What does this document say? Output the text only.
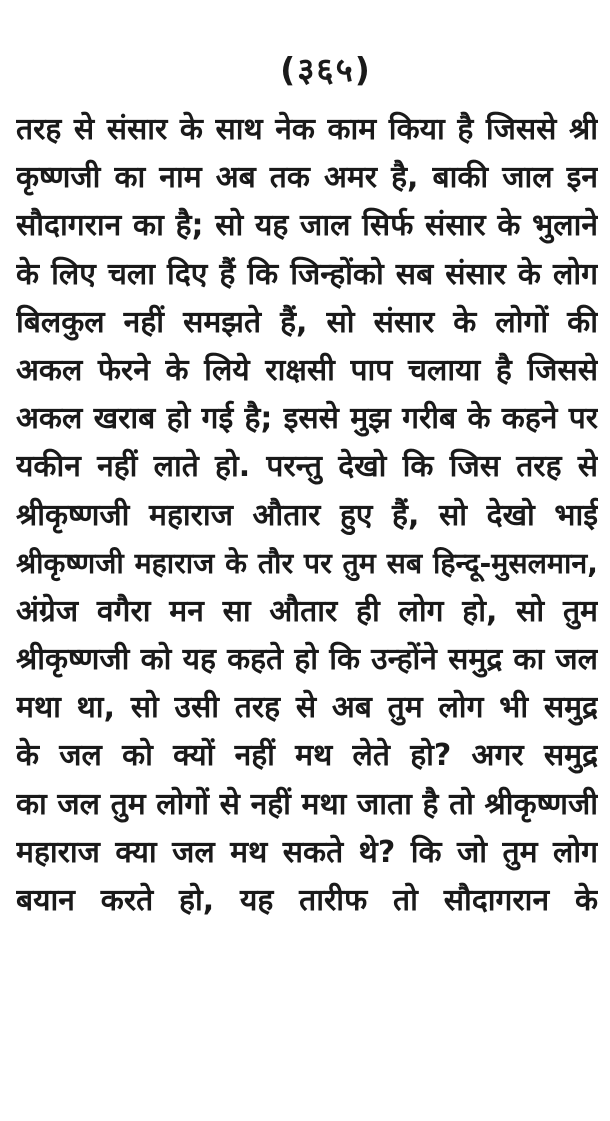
(३६५)
तरह से संसार के साथ नेक काम किया है जिससे श्री
कृष्णजी का नाम अब तक अमर है, बाकी जाल इन
सौदागरान का है; सो यह जाल सिर्फ संसार के भुलाने
के लिए चला दिए हैं कि जिन्होंको सब संसार के लोग
बिलकुल नहीं समझते हैं, सो संसार के लोगों की
अकल फेरने के लिये राक्षसी पाप चलाया है जिससे
अकल खराब हो गई है; इससे मुझ गरीब के कहने पर
यकीन नहीं लाते हो. परन्तु देखो कि जिस तरह से
श्रीकृष्णजी महाराज औतार हुए हैं, सो देखो भाई
श्रीकृष्णजी महाराज के तौर पर तुम सब हिन्दू-मुसलमान,
अंग्रेज वगैरा मन सा औतार ही लोग हो, सो तुम
श्रीकृष्णजी को यह कहते हो कि उन्होंने समुद्र का जल
मथा था, सो उसी तरह से अब तुम लोग भी समुद्र
के जल को क्यों नहीं मथ लेते हो? अगर समुद्र
का जल तुम लोगों से नहीं मथा जाता है तो श्रीकृष्णजी
महाराज क्या जल मथ सकते थे? कि जो तुम लोग
बयान करते हो, यह तारीफ तो सौदागरान के
